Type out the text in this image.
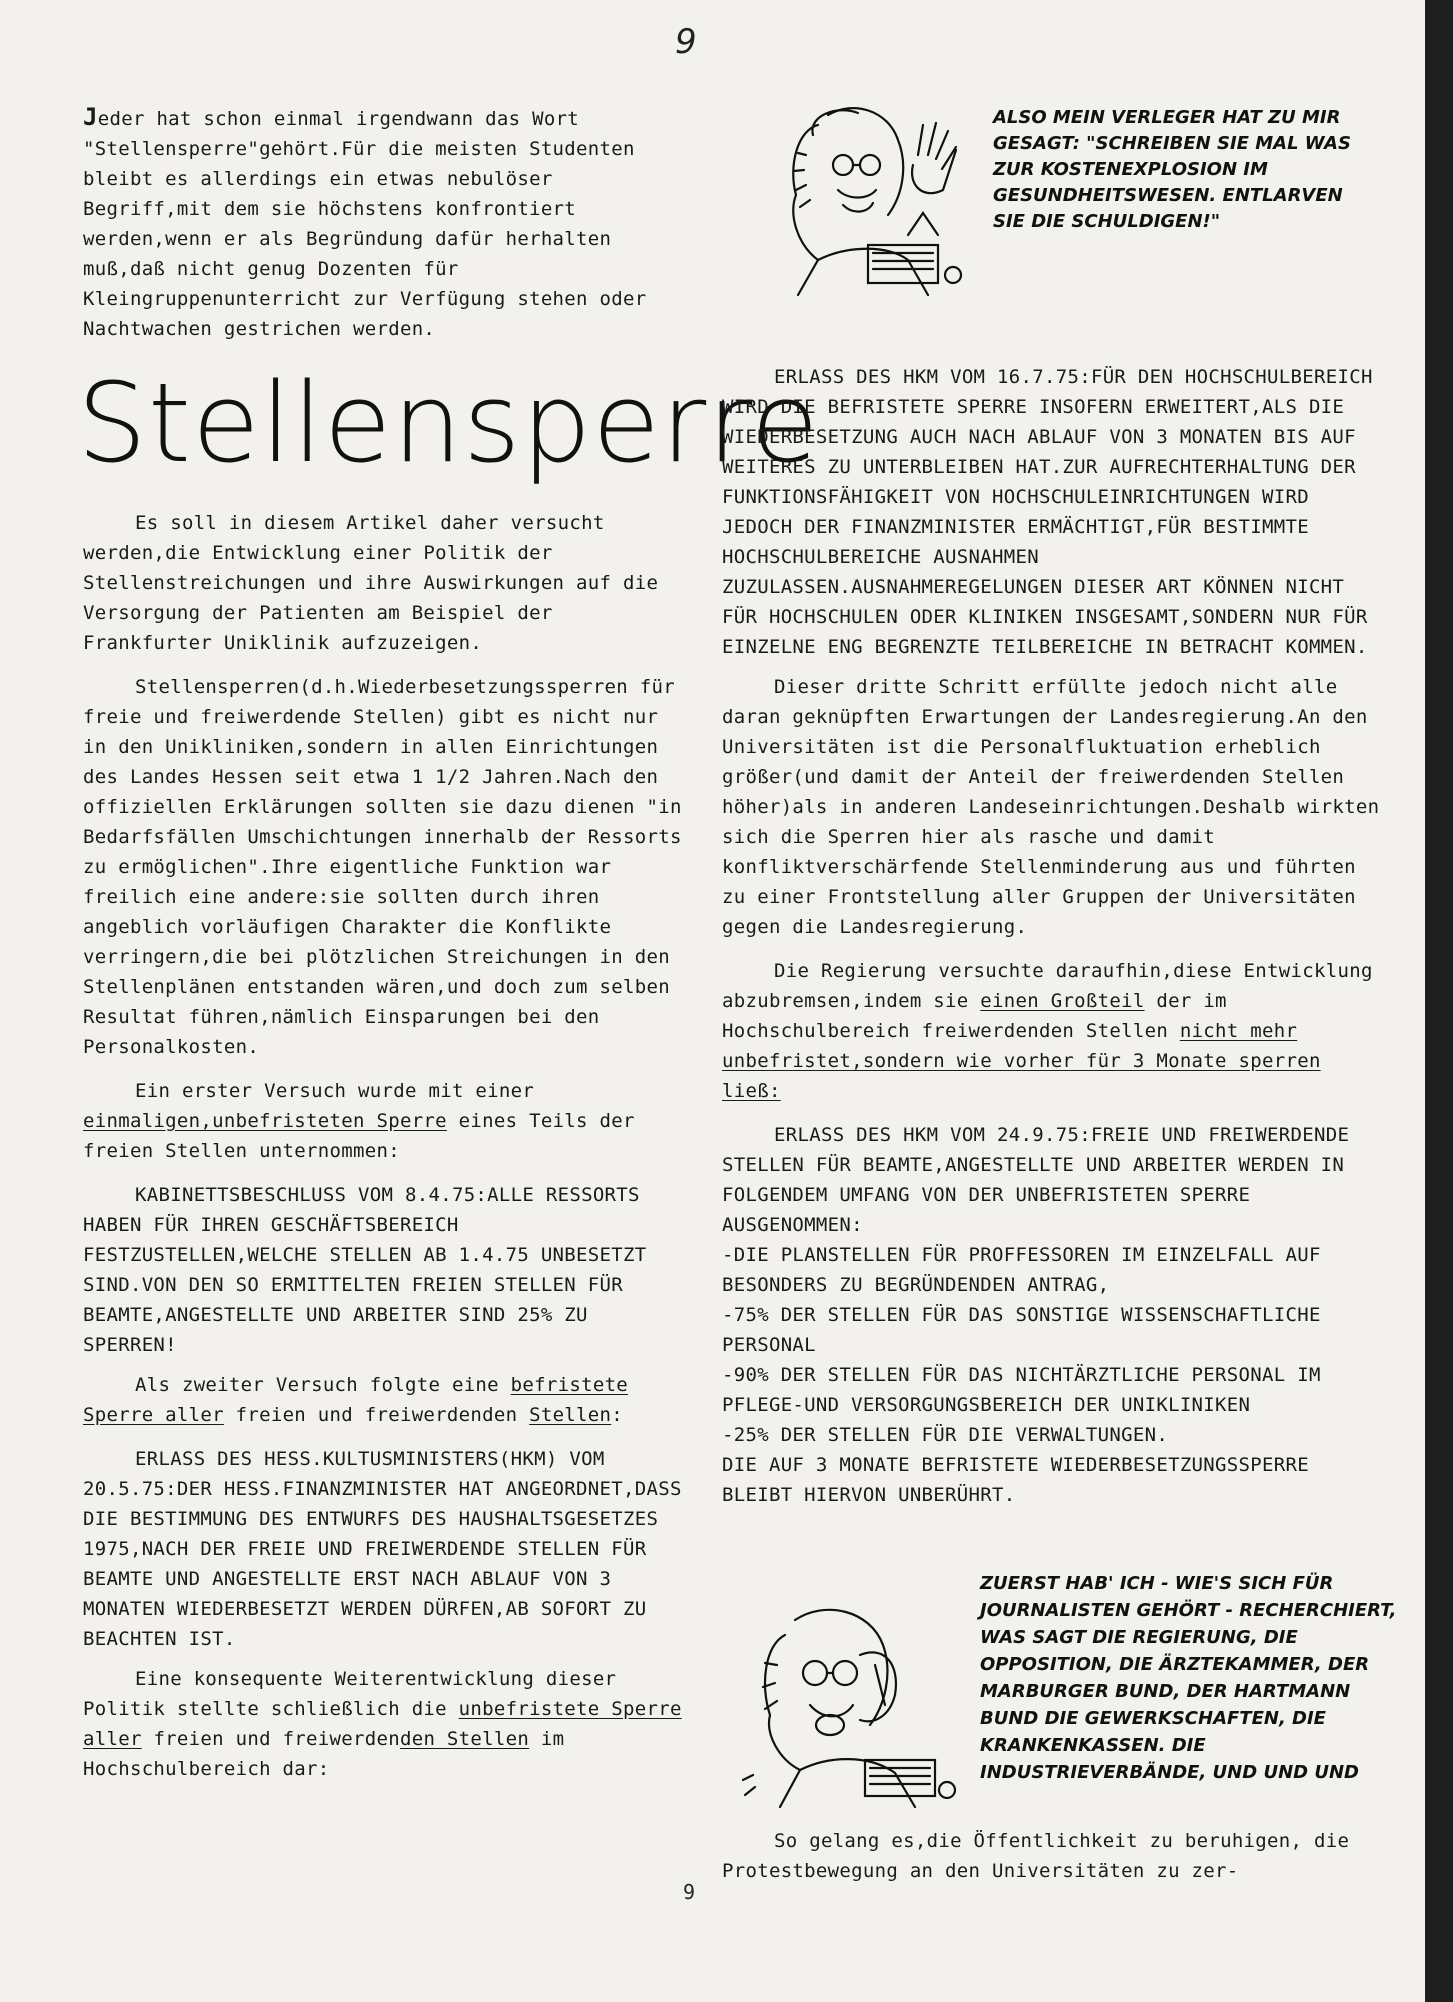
9

Jeder hat schon einmal irgendwann das Wort "Stellensperre"gehört.Für die meisten Studenten bleibt es allerdings ein etwas nebulöser Begriff,mit dem sie höchstens konfrontiert werden,wenn er als Begründung dafür herhalten muß,daß nicht genug Dozenten für Kleingruppenunterricht zur Verfügung stehen oder Nachtwachen gestrichen werden.

Stellensperre

Es soll in diesem Artikel daher versucht werden,die Entwicklung einer Politik der Stellenstreichungen und ihre Auswirkungen auf die Versorgung der Patienten am Beispiel der Frankfurter Uniklinik aufzuzeigen.

Stellensperren(d.h.Wiederbesetzungssperren für freie und freiwerdende Stellen) gibt es nicht nur in den Unikliniken,sondern in allen Einrichtungen des Landes Hessen seit etwa 1 1/2 Jahren.Nach den offiziellen Erklärungen sollten sie dazu dienen "in Bedarfsfällen Umschichtungen innerhalb der Ressorts zu ermöglichen".Ihre eigentliche Funktion war freilich eine andere:sie sollten durch ihren angeblich vorläufigen Charakter die Konflikte verringern,die bei plötzlichen Streichungen in den Stellenplänen entstanden wären,und doch zum selben Resultat führen,nämlich Einsparungen bei den Personalkosten.

Ein erster Versuch wurde mit einer einmaligen,unbefristeten Sperre eines Teils der freien Stellen unternommen:

KABINETTSBESCHLUSS VOM 8.4.75:ALLE RESSORTS HABEN FÜR IHREN GESCHÄFTSBEREICH FESTZUSTELLEN,WELCHE STELLEN AB 1.4.75 UNBESETZT SIND.VON DEN SO ERMITTELTEN FREIEN STELLEN FÜR BEAMTE,ANGESTELLTE UND ARBEITER SIND 25% ZU SPERREN!

Als zweiter Versuch folgte eine befristete Sperre aller freien und freiwerdenden Stellen:

ERLASS DES HESS.KULTUSMINISTERS(HKM) VOM 20.5.75:DER HESS.FINANZMINISTER HAT ANGEORDNET,DASS DIE BESTIMMUNG DES ENTWURFS DES HAUSHALTSGESETZES 1975,NACH DER FREIE UND FREIWERDENDE STELLEN FÜR BEAMTE UND ANGESTELLTE ERST NACH ABLAUF VON 3 MONATEN WIEDERBESETZT WERDEN DÜRFEN,AB SOFORT ZU BEACHTEN IST.

Eine konsequente Weiterentwicklung dieser Politik stellte schließlich die unbefristete Sperre aller freien und freiwerdenden Stellen im Hochschulbereich dar:

ALSO MEIN VERLEGER HAT ZU MIR GESAGT: "SCHREIBEN SIE MAL WAS ZUR KOSTENEXPLOSION IM GESUNDHEITSWESEN. ENTLARVEN SIE DIE SCHULDIGEN!"

ERLASS DES HKM VOM 16.7.75:FÜR DEN HOCHSCHULBEREICH WIRD DIE BEFRISTETE SPERRE INSOFERN ERWEITERT,ALS DIE WIEDERBESETZUNG AUCH NACH ABLAUF VON 3 MONATEN BIS AUF WEITERES ZU UNTERBLEIBEN HAT.ZUR AUFRECHTERHALTUNG DER FUNKTIONSFÄHIGKEIT VON HOCHSCHULEINRICHTUNGEN WIRD JEDOCH DER FINANZMINISTER ERMÄCHTIGT,FÜR BESTIMMTE HOCHSCHULBEREICHE AUSNAHMEN ZUZULASSEN.AUSNAHMEREGELUNGEN DIESER ART KÖNNEN NICHT FÜR HOCHSCHULEN ODER KLINIKEN INSGESAMT,SONDERN NUR FÜR EINZELNE ENG BEGRENZTE TEILBEREICHE IN BETRACHT KOMMEN.

Dieser dritte Schritt erfüllte jedoch nicht alle daran geknüpften Erwartungen der Landesregierung.An den Universitäten ist die Personalfluktuation erheblich größer(und damit der Anteil der freiwerdenden Stellen höher)als in anderen Landeseinrichtungen.Deshalb wirkten sich die Sperren hier als rasche und damit konfliktverschärfende Stellenminderung aus und führten zu einer Frontstellung aller Gruppen der Universitäten gegen die Landesregierung.

Die Regierung versuchte daraufhin,diese Entwicklung abzubremsen,indem sie einen Großteil der im Hochschulbereich freiwerdenden Stellen nicht mehr unbefristet,sondern wie vorher für 3 Monate sperren ließ:

ERLASS DES HKM VOM 24.9.75:FREIE UND FREIWERDENDE STELLEN FÜR BEAMTE,ANGESTELLTE UND ARBEITER WERDEN IN FOLGENDEM UMFANG VON DER UNBEFRISTETEN SPERRE AUSGENOMMEN:

-DIE PLANSTELLEN FÜR PROFFESSOREN IM EINZELFALL AUF BESONDERS ZU BEGRÜNDENDEN ANTRAG,
-75% DER STELLEN FÜR DAS SONSTIGE WISSENSCHAFTLICHE PERSONAL
-90% DER STELLEN FÜR DAS NICHTÄRZTLICHE PERSONAL IM PFLEGE-UND VERSORGUNGSBEREICH DER UNIKLINIKEN
-25% DER STELLEN FÜR DIE VERWALTUNGEN.

DIE AUF 3 MONATE BEFRISTETE WIEDERBESETZUNGSSPERRE BLEIBT HIERVON UNBERÜHRT.

ZUERST HAB' ICH - WIE'S SICH FÜR JOURNALISTEN GEHÖRT - RECHERCHIERT, WAS SAGT DIE REGIERUNG, DIE OPPOSITION, DIE ÄRZTEKAMMER, DER MARBURGER BUND, DER HARTMANN BUND DIE GEWERKSCHAFTEN, DIE KRANKENKASSEN. DIE INDUSTRIEVERBÄNDE, UND UND UND

So gelang es,die Öffentlichkeit zu beruhigen, die Protestbewegung an den Universitäten zu zer-

9
